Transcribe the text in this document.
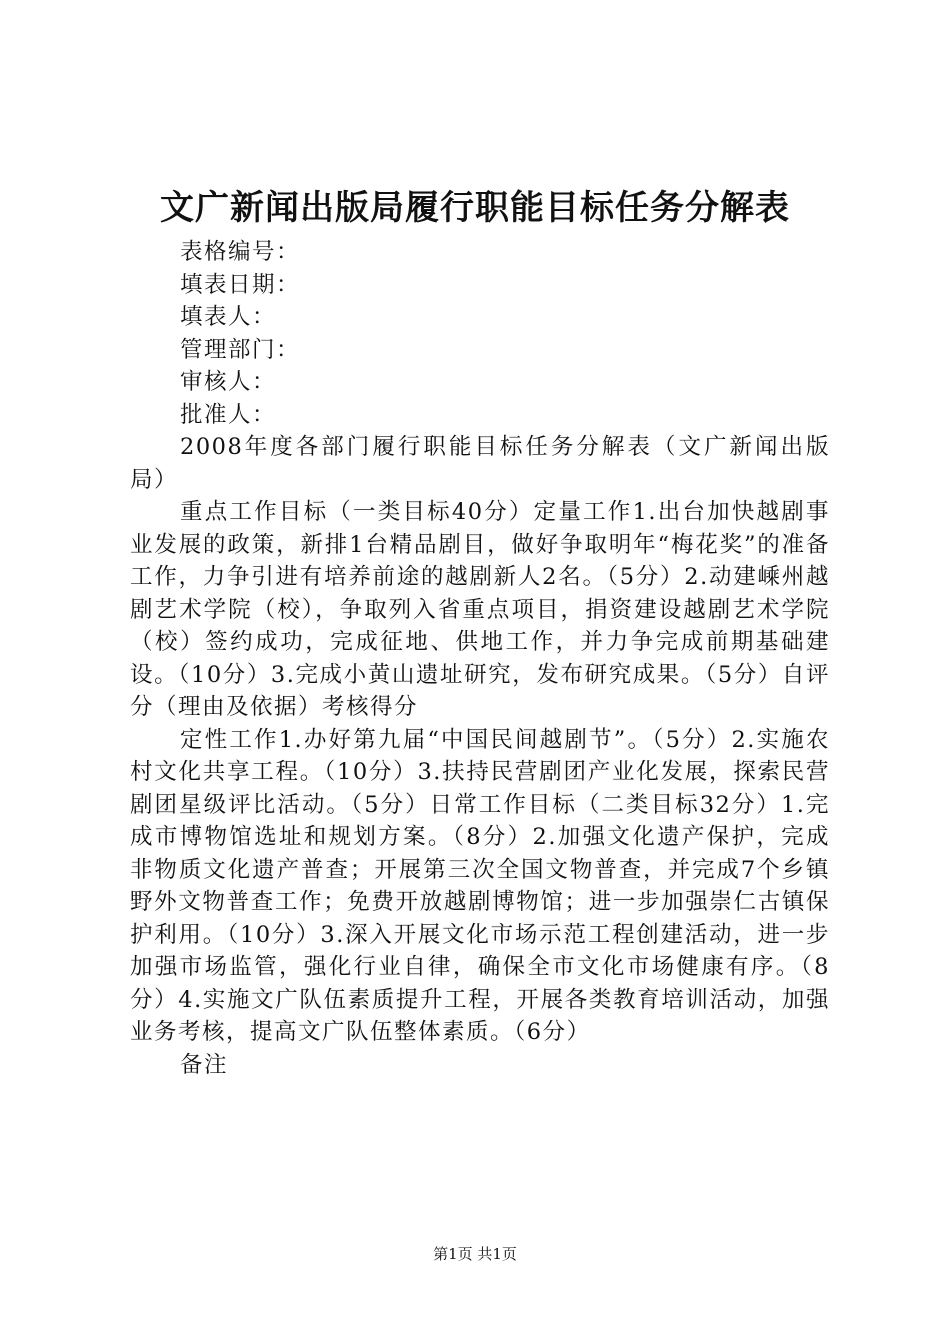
文广新闻出版局履行职能目标任务分解表

表格编号：

填表日期：

填表人：

管理部门：

审核人：

批准人：

2008年度各部门履行职能目标任务分解表（文广新闻出版局）

重点工作目标（一类目标40分）定量工作1.出台加快越剧事业发展的政策，新排1台精品剧目，做好争取明年“梅花奖”的准备工作，力争引进有培养前途的越剧新人2名。（5分）2.动建嵊州越剧艺术学院（校），争取列入省重点项目，捐资建设越剧艺术学院（校）签约成功，完成征地、供地工作，并力争完成前期基础建设。（10分）3.完成小黄山遗址研究，发布研究成果。（5分）自评分（理由及依据）考核得分

定性工作1.办好第九届“中国民间越剧节”。（5分）2.实施农村文化共享工程。（10分）3.扶持民营剧团产业化发展，探索民营剧团星级评比活动。（5分）日常工作目标（二类目标32分）1.完成市博物馆选址和规划方案。（8分）2.加强文化遗产保护，完成非物质文化遗产普查；开展第三次全国文物普查，并完成7个乡镇野外文物普查工作；免费开放越剧博物馆；进一步加强崇仁古镇保护利用。（10分）3.深入开展文化市场示范工程创建活动，进一步加强市场监管，强化行业自律，确保全市文化市场健康有序。（8分）4.实施文广队伍素质提升工程，开展各类教育培训活动，加强业务考核，提高文广队伍整体素质。（6分）

备注

第1页 共1页
